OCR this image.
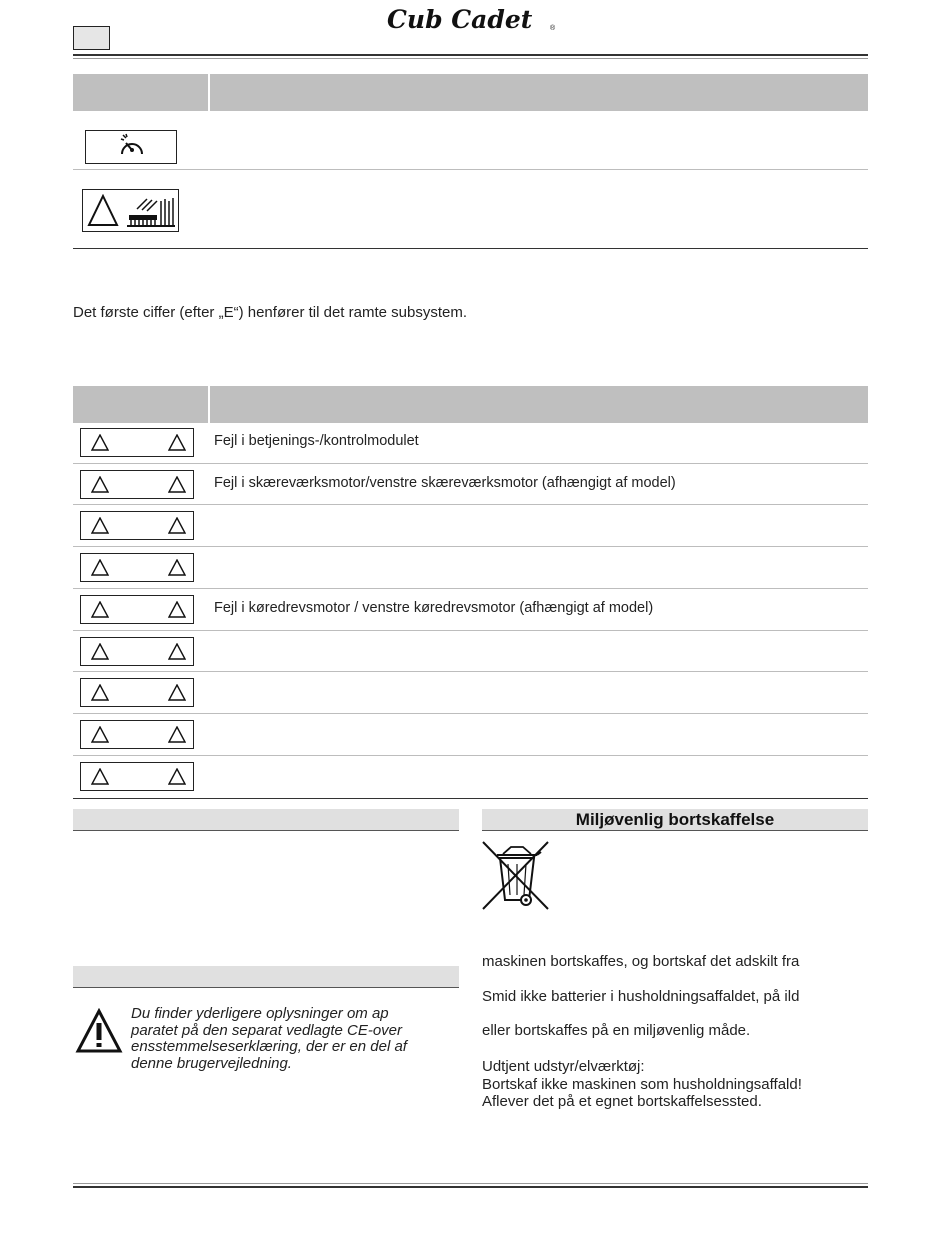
Cub Cadet	®
Det første ciffer (efter „E“) henfører til det ramte subsystem.
Fejl i betjenings-/kontrolmodulet
Fejl i skæreværksmotor/venstre skæreværksmotor (afhængigt af model)
Fejl i køredrevsmotor / venstre køredrevsmotor (afhængigt af model)
Du finder yderligere oplysninger om ap
paratet på den separat vedlagte CE-over
ensstemmelseserklæring, der er en del af
denne brugervejledning.
Miljøvenlig bortskaffelse
maskinen bortskaffes, og bortskaf det adskilt fra
Smid ikke batterier i husholdningsaffaldet, på ild
eller bortskaffes på en miljøvenlig måde.
Udtjent udstyr/elværktøj:
Bortskaf ikke maskinen som husholdningsaffald!
Aflever det på et egnet bortskaffelsessted.
